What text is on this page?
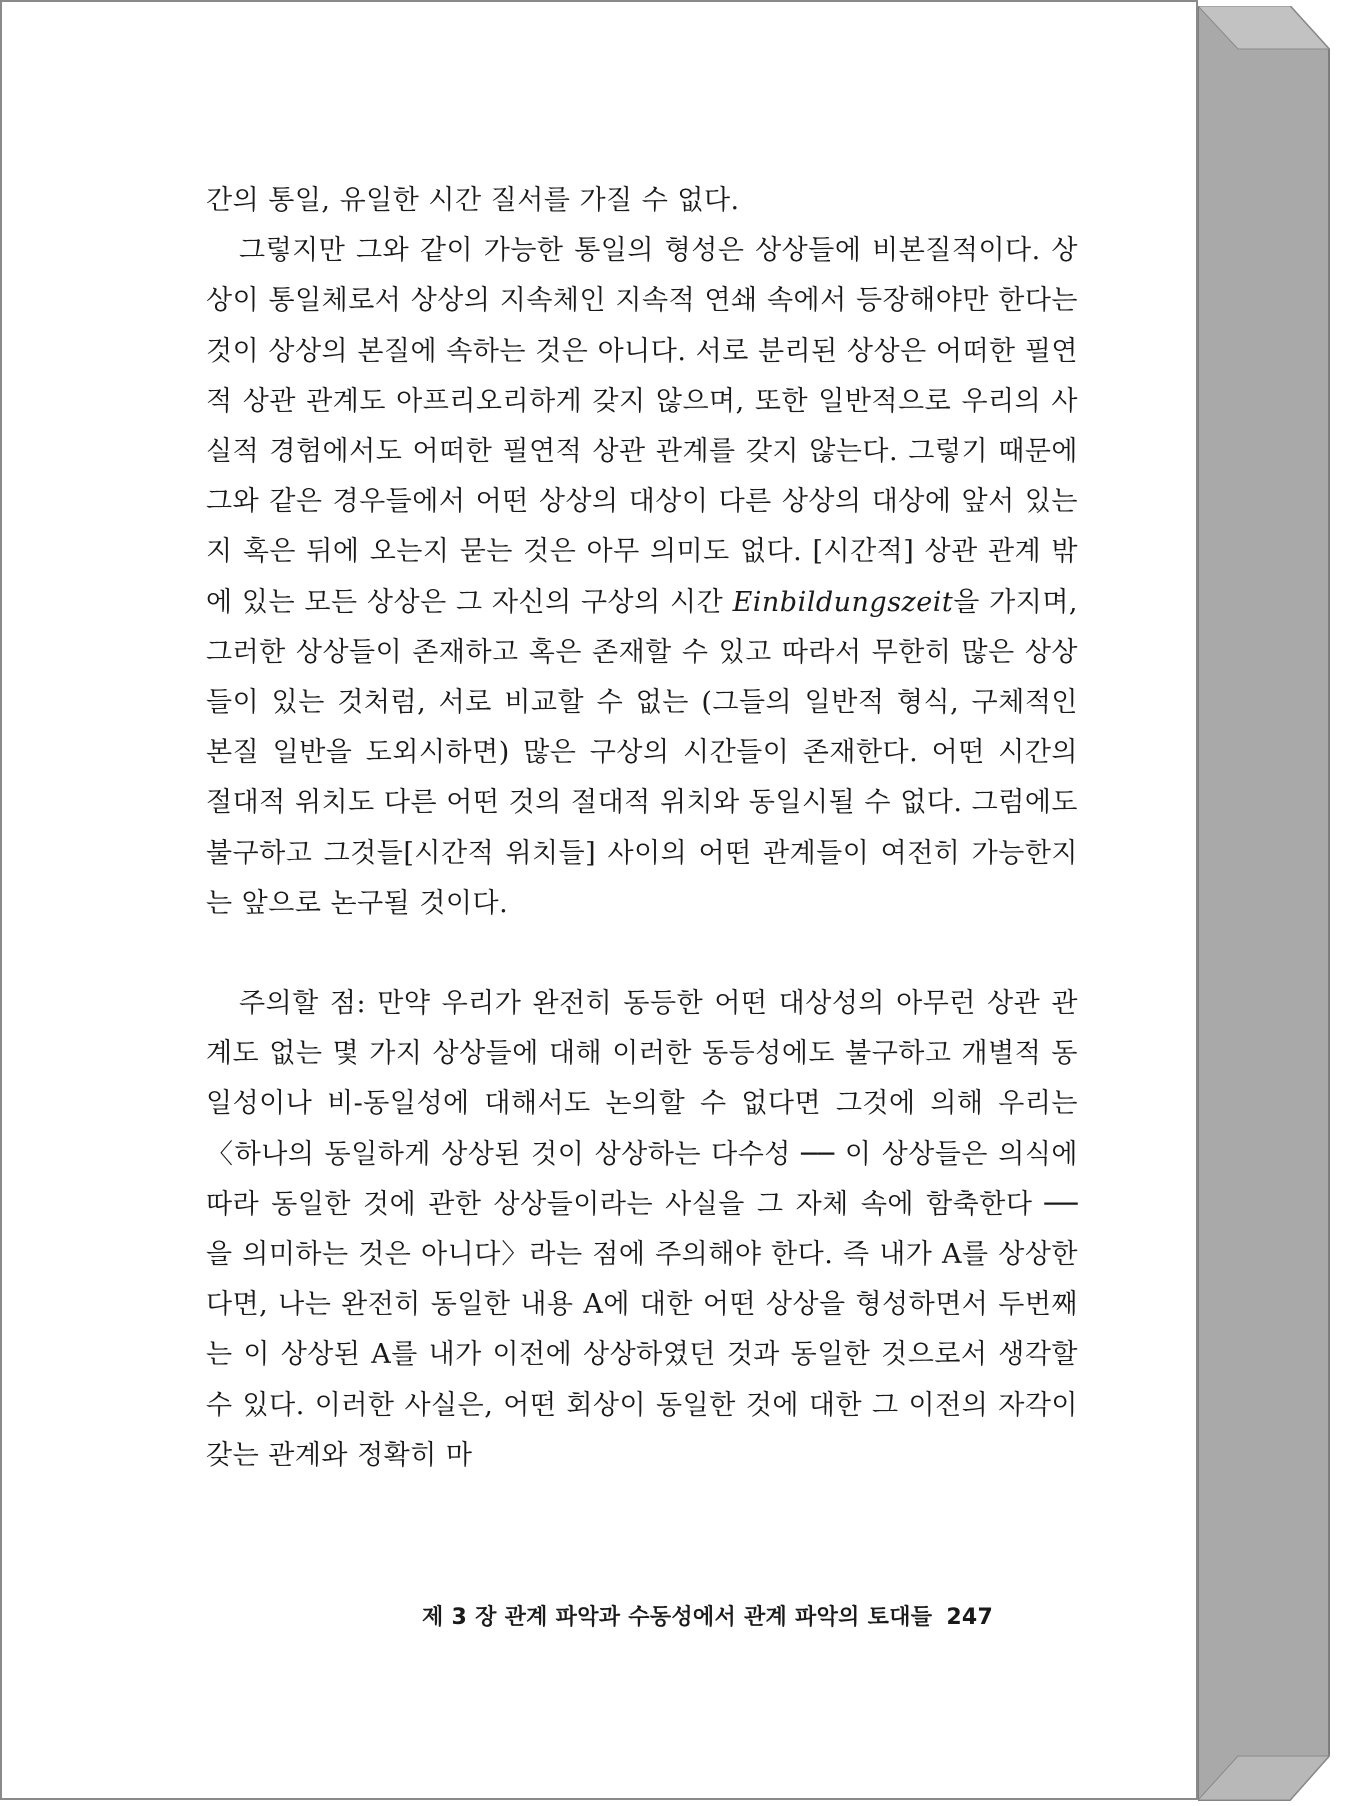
간의 통일, 유일한 시간 질서를 가질 수 없다.

그렇지만 그와 같이 가능한 통일의 형성은 상상들에 비본질적이다. 상상이 통일체로서 상상의 지속체인 지속적 연쇄 속에서 등장해야만 한다는 것이 상상의 본질에 속하는 것은 아니다. 서로 분리된 상상은 어떠한 필연적 상관 관계도 아프리오리하게 갖지 않으며, 또한 일반적으로 우리의 사실적 경험에서도 어떠한 필연적 상관 관계를 갖지 않는다. 그렇기 때문에 그와 같은 경우들에서 어떤 상상의 대상이 다른 상상의 대상에 앞서 있는지 혹은 뒤에 오는지 묻는 것은 아무 의미도 없다. [시간적] 상관 관계 밖에 있는 모든 상상은 그 자신의 구상의 시간 Einbildungszeit을 가지며, 그러한 상상들이 존재하고 혹은 존재할 수 있고 따라서 무한히 많은 상상들이 있는 것처럼, 서로 비교할 수 없는 (그들의 일반적 형식, 구체적인 본질 일반을 도외시하면) 많은 구상의 시간들이 존재한다. 어떤 시간의 절대적 위치도 다른 어떤 것의 절대적 위치와 동일시될 수 없다. 그럼에도 불구하고 그것들[시간적 위치들] 사이의 어떤 관계들이 여전히 가능한지는 앞으로 논구될 것이다.

주의할 점: 만약 우리가 완전히 동등한 어떤 대상성의 아무런 상관 관계도 없는 몇 가지 상상들에 대해 이러한 동등성에도 불구하고 개별적 동일성이나 비-동일성에 대해서도 논의할 수 없다면 그것에 의해 우리는 〈하나의 동일하게 상상된 것이 상상하는 다수성 ── 이 상상들은 의식에 따라 동일한 것에 관한 상상들이라는 사실을 그 자체 속에 함축한다 ── 을 의미하는 것은 아니다〉라는 점에 주의해야 한다. 즉 내가 A를 상상한다면, 나는 완전히 동일한 내용 A에 대한 어떤 상상을 형성하면서 두번째는 이 상상된 A를 내가 이전에 상상하였던 것과 동일한 것으로서 생각할 수 있다. 이러한 사실은, 어떤 회상이 동일한 것에 대한 그 이전의 자각이 갖는 관계와 정확히 마

제 3 장 관계 파악과 수동성에서 관계 파악의 토대들 247
